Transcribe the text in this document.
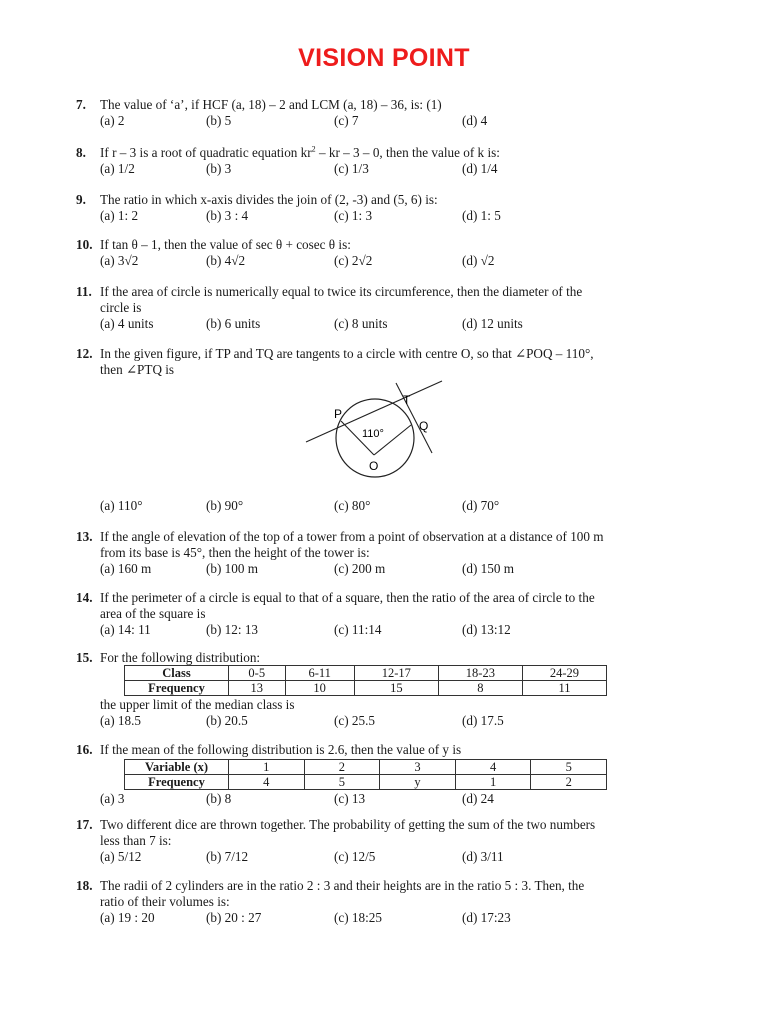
VISION POINT
7. The value of ‘a’, if HCF (a, 18) – 2 and LCM (a, 18) – 36, is: (1)
(a) 2	(b) 5	(c) 7	(d) 4
8. If r – 3 is a root of quadratic equation $kr^2$ – kr – 3 – 0, then the value of k is:
(a) 1/2	(b) 3	(c) 1/3	(d) 1/4
9. The ratio in which x-axis divides the join of (2, -3) and (5, 6) is:
(a) 1: 2	(b) 3 : 4	(c) 1: 3	(d) 1: 5
10. If tan θ – 1, then the value of sec θ + cosec θ is:
(a) 3√2	(b) 4√2	(c) 2√2	(d) √2
11. If the area of circle is numerically equal to twice its circumference, then the diameter of the
circle is
(a) 4 units	(b) 6 units	(c) 8 units	(d) 12 units
12. In the given figure, if TP and TQ are tangents to a circle with centre O, so that ∠POQ – 110°,
then ∠PTQ is
P
T
Q
O
110°
(a) 110°	(b) 90°	(c) 80°	(d) 70°
13. If the angle of elevation of the top of a tower from a point of observation at a distance of 100 m
from its base is 45°, then the height of the tower is:
(a) 160 m	(b) 100 m	(c) 200 m	(d) 150 m
14. If the perimeter of a circle is equal to that of a square, then the ratio of the area of circle to the
area of the square is
(a) 14: 11	(b) 12: 13	(c) 11:14	(d) 13:12
15. For the following distribution:
Class	0-5	6-11	12-17	18-23	24-29
Frequency	13	10	15	8	11
the upper limit of the median class is
(a) 18.5	(b) 20.5	(c) 25.5	(d) 17.5
16. If the mean of the following distribution is 2.6, then the value of y is
Variable (x)	1	2	3	4	5
Frequency	4	5	y	1	2
(a) 3	(b) 8	(c) 13	(d) 24
17. Two different dice are thrown together. The probability of getting the sum of the two numbers
less than 7 is:
(a) 5/12	(b) 7/12	(c) 12/5	(d) 3/11
18. The radii of 2 cylinders are in the ratio 2 : 3 and their heights are in the ratio 5 : 3. Then, the
ratio of their volumes is:
(a) 19 : 20	(b) 20 : 27	(c) 18:25	(d) 17:23
